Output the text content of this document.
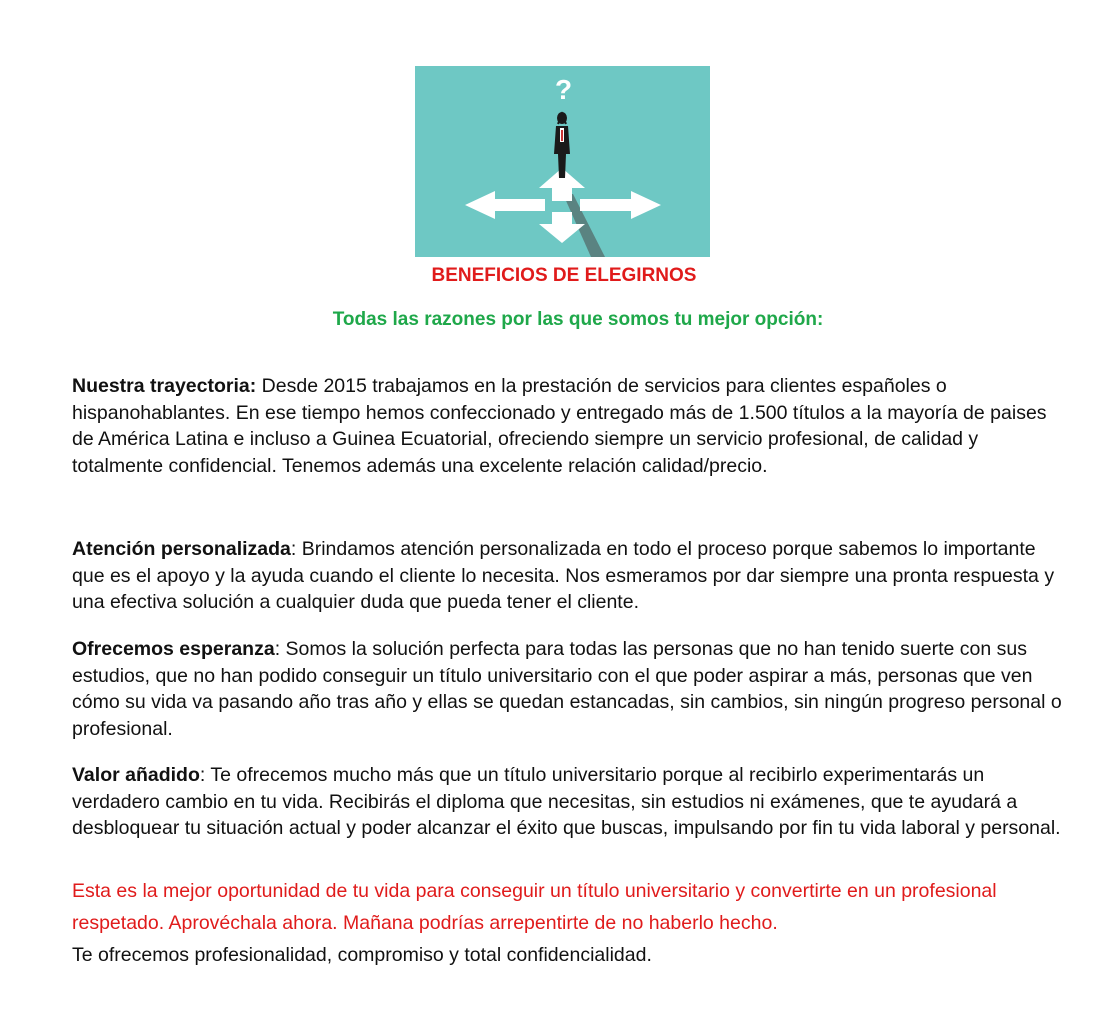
?
BENEFICIOS DE ELEGIRNOS
Todas las razones por las que somos tu mejor opción:
Nuestra trayectoria: Desde 2015 trabajamos en la prestación de servicios para clientes españoles o hispanohablantes. En ese tiempo hemos confeccionado y entregado más de 1.500 títulos a la mayoría de paises de América Latina e incluso a Guinea Ecuatorial, ofreciendo siempre un servicio profesional, de calidad y totalmente confidencial. Tenemos además una excelente relación calidad/precio.
Atención personalizada: Brindamos atención personalizada en todo el proceso porque sabemos lo importante que es el apoyo y la ayuda cuando el cliente lo necesita. Nos esmeramos por dar siempre una pronta respuesta y una efectiva solución a cualquier duda que pueda tener el cliente.
Ofrecemos esperanza: Somos la solución perfecta para todas las personas que no han tenido suerte con sus estudios, que no han podido conseguir un título universitario con el que poder aspirar a más, personas que ven cómo su vida va pasando año tras año y ellas se quedan estancadas, sin cambios, sin ningún progreso personal o profesional.
Valor añadido: Te ofrecemos mucho más que un título universitario porque al recibirlo experimentarás un verdadero cambio en tu vida. Recibirás el diploma que necesitas, sin estudios ni exámenes, que te ayudará a desbloquear tu situación actual y poder alcanzar el éxito que buscas, impulsando por fin tu vida laboral y personal.
Esta es la mejor oportunidad de tu vida para conseguir un título universitario y convertirte en un profesional respetado. Aprovéchala ahora. Mañana podrías arrepentirte de no haberlo hecho.
Te ofrecemos profesionalidad, compromiso y total confidencialidad.
